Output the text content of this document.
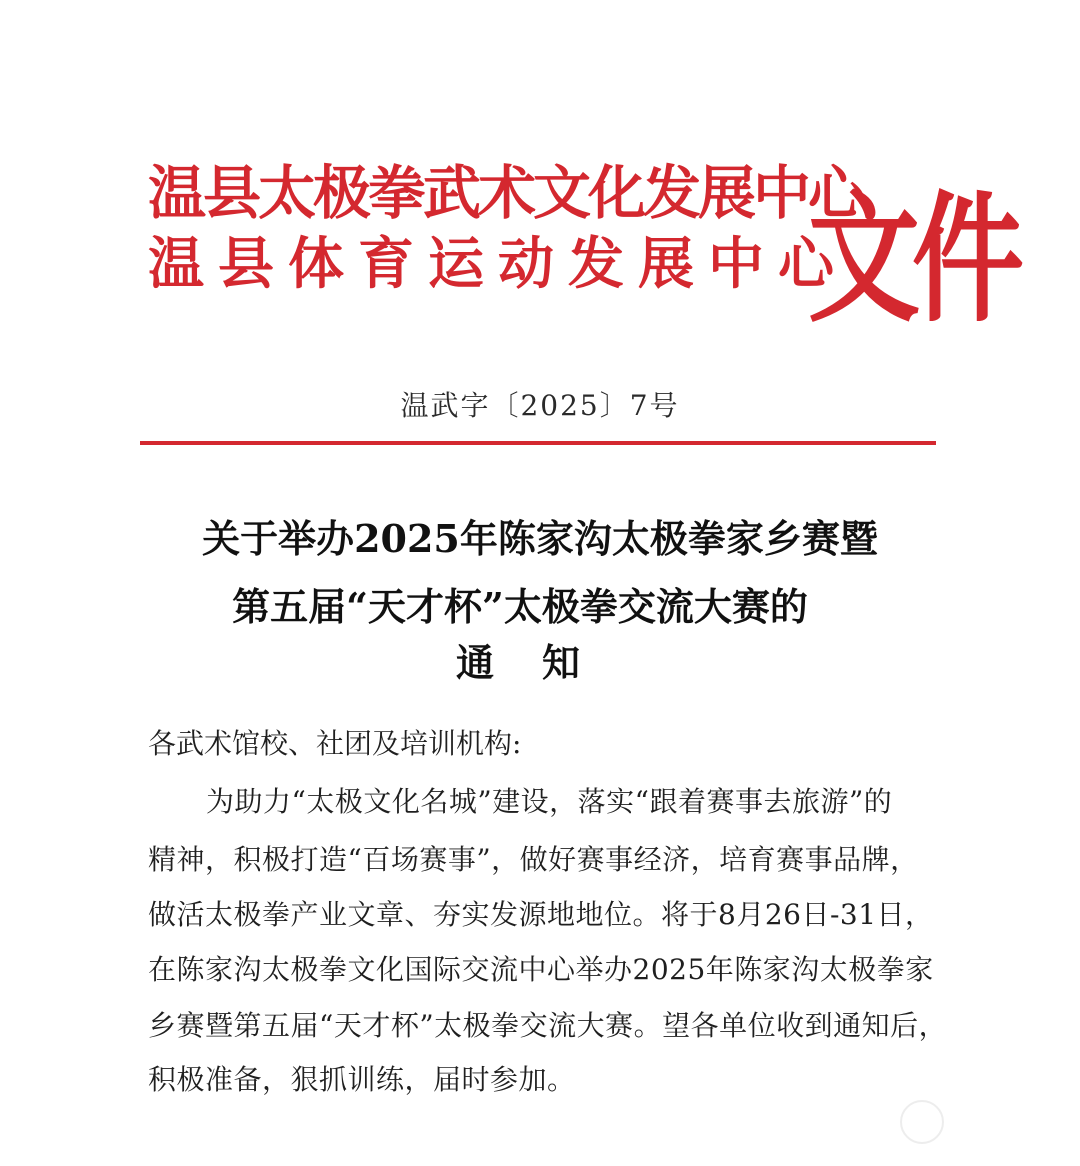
温县太极拳武术文化发展中心
温县体育运动发展中心
文件
温武字〔2025〕7号
关于举办2025年陈家沟太极拳家乡赛暨
第五届“天才杯”太极拳交流大赛的
通知
各武术馆校、社团及培训机构:
为助力“太极文化名城”建设，落实“跟着赛事去旅游”的
精神，积极打造“百场赛事”，做好赛事经济，培育赛事品牌，
做活太极拳产业文章、夯实发源地地位。将于8月26日-31日，
在陈家沟太极拳文化国际交流中心举办2025年陈家沟太极拳家
乡赛暨第五届“天才杯”太极拳交流大赛。望各单位收到通知后，
积极准备，狠抓训练，届时参加。
